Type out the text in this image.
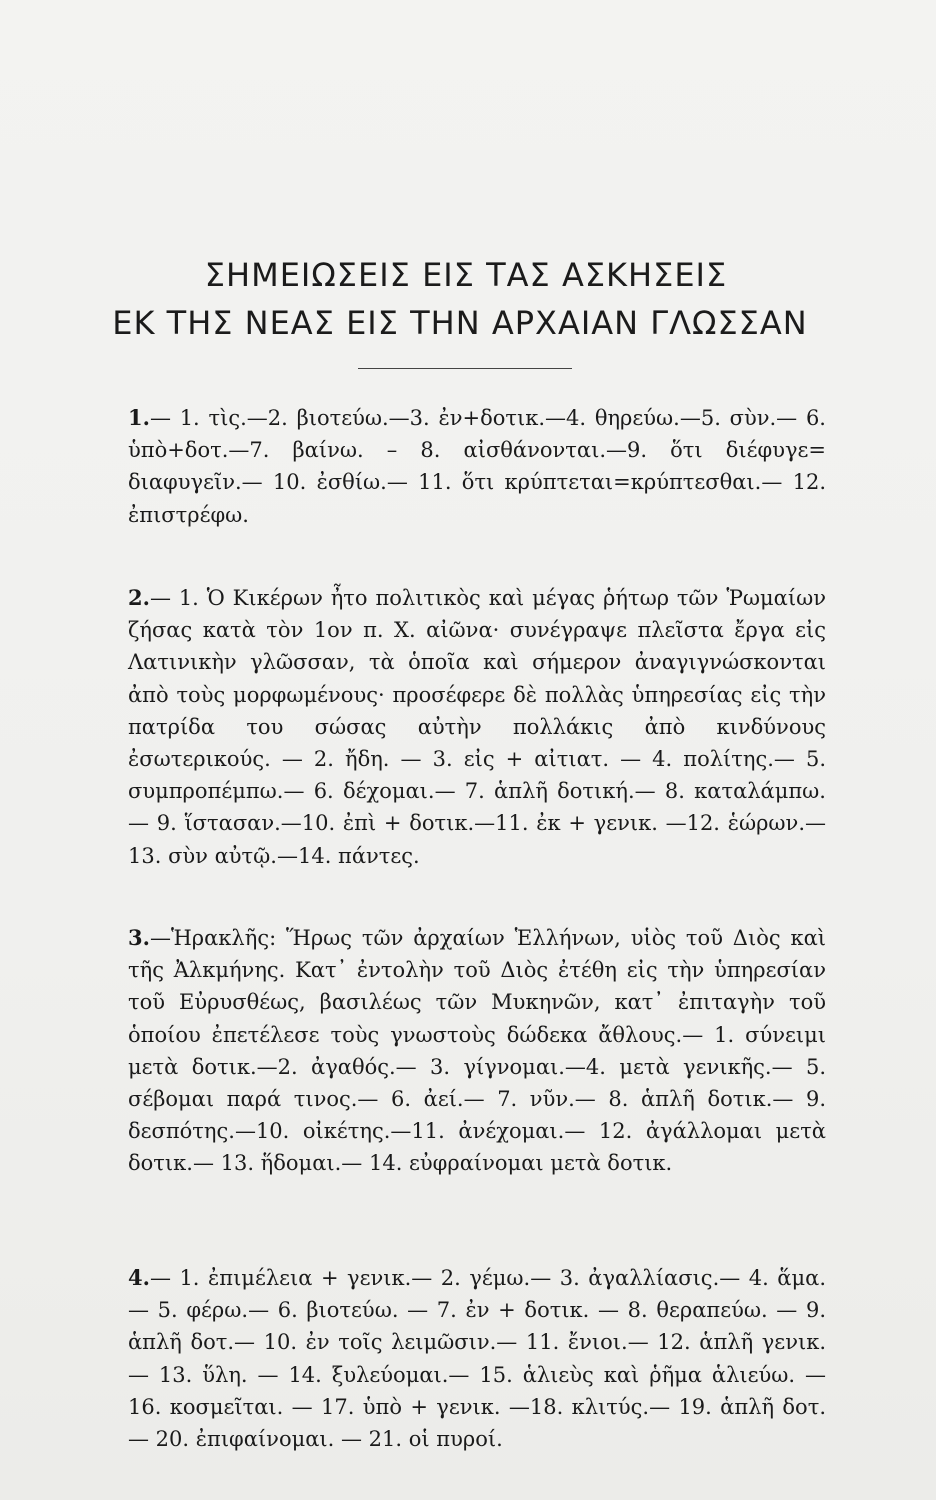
ΣΗΜΕΙΩΣΕΙΣ ΕΙΣ ΤΑΣ ΑΣΚΗΣΕΙΣ
ΕΚ ΤΗΣ ΝΕΑΣ ΕΙΣ ΤΗΝ ΑΡΧΑΙΑΝ ΓΛΩΣΣΑΝ

1.— 1. τὶς.—2. βιοτεύω.—3. ἐν+δοτικ.—4. θηρεύω.—5. σὺν.— 6. ὑπὸ+δοτ.—7. βαίνω. – 8. αἰσθάνονται.—9. ὅτι διέφυγε= διαφυγεῖν.— 10. ἐσθίω.— 11. ὅτι κρύπτεται=κρύπτεσθαι.— 12. ἐπιστρέφω.

2.— 1. Ὁ Κικέρων ἦτο πολιτικὸς καὶ μέγας ῥήτωρ τῶν Ῥωμαίων ζήσας κατὰ τὸν 1ον π. Χ. αἰῶνα· συνέγραψε πλεῖστα ἔργα εἰς Λατινικὴν γλῶσσαν, τὰ ὁποῖα καὶ σήμερον ἀναγιγνώσκονται ἀπὸ τοὺς μορφωμένους· προσέφερε δὲ πολλὰς ὑπηρεσίας εἰς τὴν πατρίδα του σώσας αὐτὴν πολλάκις ἀπὸ κινδύνους ἐσωτερικούς. — 2. ἤδη. — 3. εἰς + αἰτιατ. — 4. πολίτης.— 5. συμπροπέμπω.— 6. δέχομαι.— 7. ἁπλῆ δοτική.— 8. καταλάμπω.— 9. ἵστασαν.—10. ἐπὶ + δοτικ.—11. ἐκ + γενικ. —12. ἑώρων.—13. σὺν αὐτῷ.—14. πάντες.

3.—Ἡρακλῆς: Ἥρως τῶν ἀρχαίων Ἑλλήνων, υἱὸς τοῦ Διὸς καὶ τῆς Ἀλκμήνης. Κατ᾽ ἐντολὴν τοῦ Διὸς ἐτέθη εἰς τὴν ὑπηρεσίαν τοῦ Εὐρυσθέως, βασιλέως τῶν Μυκηνῶν, κατ᾽ ἐπιταγὴν τοῦ ὁποίου ἐπετέλεσε τοὺς γνωστοὺς δώδεκα ἄθλους.— 1. σύνειμι μετὰ δοτικ.—2. ἀγαθός.— 3. γίγνομαι.—4. μετὰ γενικῆς.— 5. σέβομαι παρά τινος.— 6. ἀεί.— 7. νῦν.— 8. ἁπλῆ δοτικ.— 9. δεσπότης.—10. οἰκέτης.—11. ἀνέχομαι.— 12. ἀγάλλομαι μετὰ δοτικ.— 13. ἥδομαι.— 14. εὐφραίνομαι μετὰ δοτικ.

4.— 1. ἐπιμέλεια + γενικ.— 2. γέμω.— 3. ἀγαλλίασις.— 4. ἅμα. — 5. φέρω.— 6. βιοτεύω. — 7. ἐν + δοτικ. — 8. θεραπεύω. — 9. ἁπλῆ δοτ.— 10. ἐν τοῖς λειμῶσιν.— 11. ἔνιοι.— 12. ἁπλῆ γενικ. — 13. ὕλη. — 14. ξυλεύομαι.— 15. ἁλιεὺς καὶ ῥῆμα ἁλιεύω. — 16. κοσμεῖται. — 17. ὑπὸ + γενικ. —18. κλιτύς.— 19. ἁπλῆ δοτ. — 20. ἐπιφαίνομαι. — 21. οἱ πυροί.
